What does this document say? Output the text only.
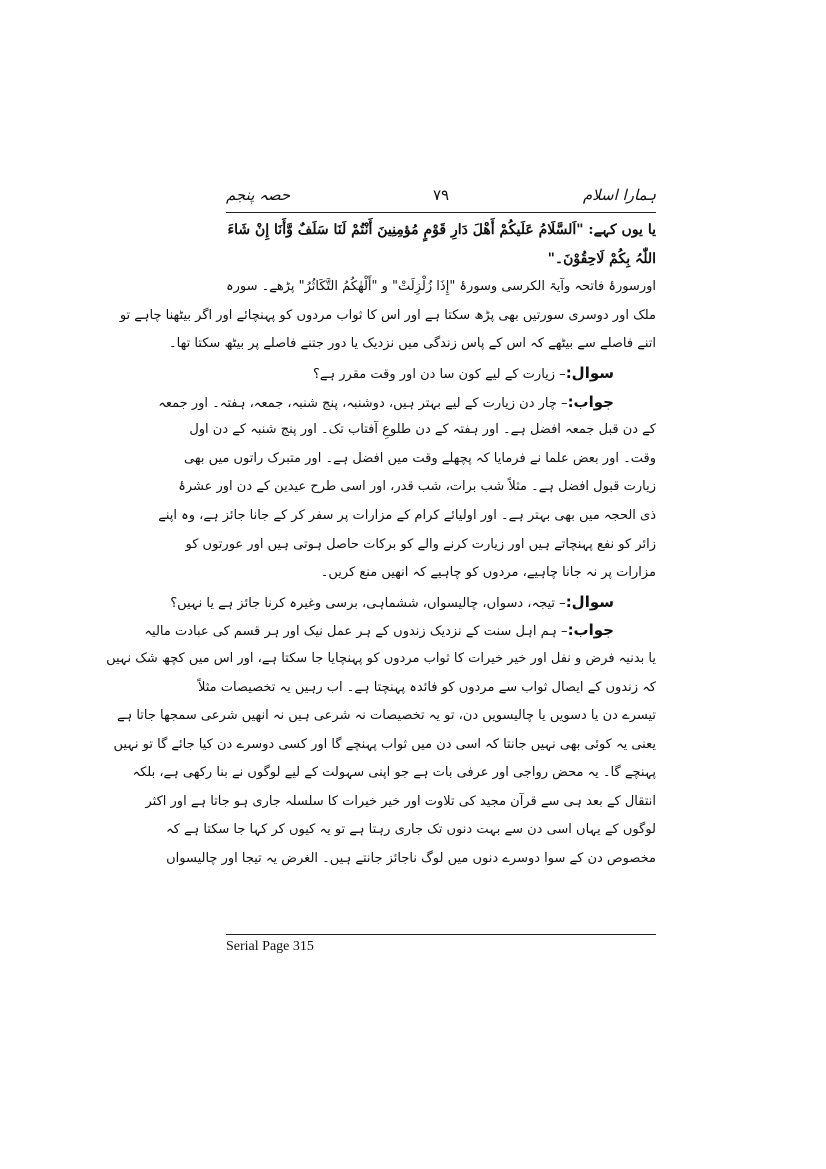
ہمارا اسلام
۷۹
حصہ پنجم
یا یوں کہے: "اَلسَّلَامُ عَلَیکُمْ أَھْلَ دَارِ قَوْمٍ مُؤمِنِینَ أَنْتُمْ لَنَا سَلَفٌ وَّأَنَا إِنْ شَاءَ
اللّٰہُ بِکُمْ لَاحِقُوْنَ۔"
اورسورۂ فاتحہ وآیۃ الکرسی وسورۂ "إِذَا زُلْزِلَتْ" و "أَلْھٰکُمُ التَّکَاثُرُ" پڑھے۔ سورہ
ملک اور دوسری سورتیں بھی پڑھ سکتا ہے اور اس کا ثواب مردوں کو پہنچائے اور اگر بیٹھنا چاہے تو
اتنے فاصلے سے بیٹھے کہ اس کے پاس زندگی میں نزدیک یا دور جتنے فاصلے پر بیٹھ سکتا تھا۔
سوال:– زیارت کے لیے کون سا دن اور وقت مقرر ہے؟
جواب:– چار دن زیارت کے لیے بہتر ہیں، دوشنبہ، پنج شنبہ، جمعہ، ہفتہ۔ اور جمعہ
کے دن قبل جمعہ افضل ہے۔ اور ہفتہ کے دن طلوعِ آفتاب تک۔ اور پنج شنبہ کے دن اول
وقت۔ اور بعض علما نے فرمایا کہ پچھلے وقت میں افضل ہے۔ اور متبرک راتوں میں بھی
زیارت قبول افضل ہے۔ مثلاً شب برات، شب قدر، اور اسی طرح عیدین کے دن اور عشرۂ
ذی الحجہ میں بھی بہتر ہے۔ اور اولیائے کرام کے مزارات پر سفر کر کے جانا جائز ہے، وہ اپنے
زائر کو نفع پہنچاتے ہیں اور زیارت کرنے والے کو برکات حاصل ہوتی ہیں اور عورتوں کو
مزارات پر نہ جانا چاہیے، مردوں کو چاہیے کہ انھیں منع کریں۔
سوال:– تیجہ، دسواں، چالیسواں، ششماہی، برسی وغیرہ کرنا جائز ہے یا نہیں؟
جواب:– ہم اہل سنت کے نزدیک زندوں کے ہر عمل نیک اور ہر قسم کی عبادت مالیہ
یا بدنیہ فرض و نفل اور خیر خیرات کا ثواب مردوں کو پہنچایا جا سکتا ہے، اور اس میں کچھ شک نہیں
کہ زندوں کے ایصال ثواب سے مردوں کو فائدہ پہنچتا ہے۔ اب رہیں یہ تخصیصات مثلاً
تیسرے دن یا دسویں یا چالیسویں دن، تو یہ تخصیصات نہ شرعی ہیں نہ انھیں شرعی سمجھا جاتا ہے
یعنی یہ کوئی بھی نہیں جانتا کہ اسی دن میں ثواب پہنچے گا اور کسی دوسرے دن کیا جائے گا تو نہیں
پہنچے گا۔ یہ محض رواجی اور عرفی بات ہے جو اپنی سہولت کے لیے لوگوں نے بنا رکھی ہے، بلکہ
انتقال کے بعد ہی سے قرآن مجید کی تلاوت اور خیر خیرات کا سلسلہ جاری ہو جاتا ہے اور اکثر
لوگوں کے یہاں اسی دن سے بہت دنوں تک جاری رہتا ہے تو یہ کیوں کر کہا جا سکتا ہے کہ
مخصوص دن کے سوا دوسرے دنوں میں لوگ ناجائز جانتے ہیں۔ الغرض یہ تیجا اور چالیسواں
Serial Page 315
